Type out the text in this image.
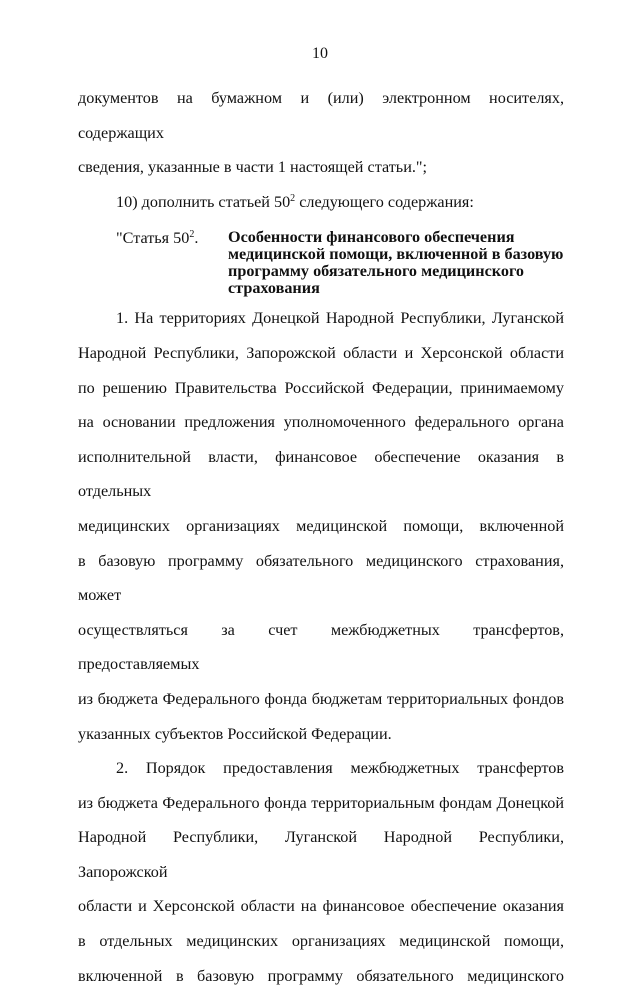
10

документов на бумажном и (или) электронном носителях, содержащих

сведения, указанные в части 1 настоящей статьи.";

10) дополнить статьей $50^2$ следующего содержания:

"Статья $50^2$.	Особенности финансового обеспечения медицинской помощи, включенной в базовую программу обязательного медицинского страхования

1. На территориях Донецкой Народной Республики, Луганской

Народной Республики, Запорожской области и Херсонской области

по решению Правительства Российской Федерации, принимаемому

на основании предложения уполномоченного федерального органа

исполнительной власти, финансовое обеспечение оказания в отдельных

медицинских организациях медицинской помощи, включенной

в базовую программу обязательного медицинского страхования, может

осуществляться за счет межбюджетных трансфертов, предоставляемых

из бюджета Федерального фонда бюджетам территориальных фондов

указанных субъектов Российской Федерации.

2. Порядок предоставления межбюджетных трансфертов

из бюджета Федерального фонда территориальным фондам Донецкой

Народной Республики, Луганской Народной Республики, Запорожской

области и Херсонской области на финансовое обеспечение оказания

в отдельных медицинских организациях медицинской помощи,

включенной в базовую программу обязательного медицинского
